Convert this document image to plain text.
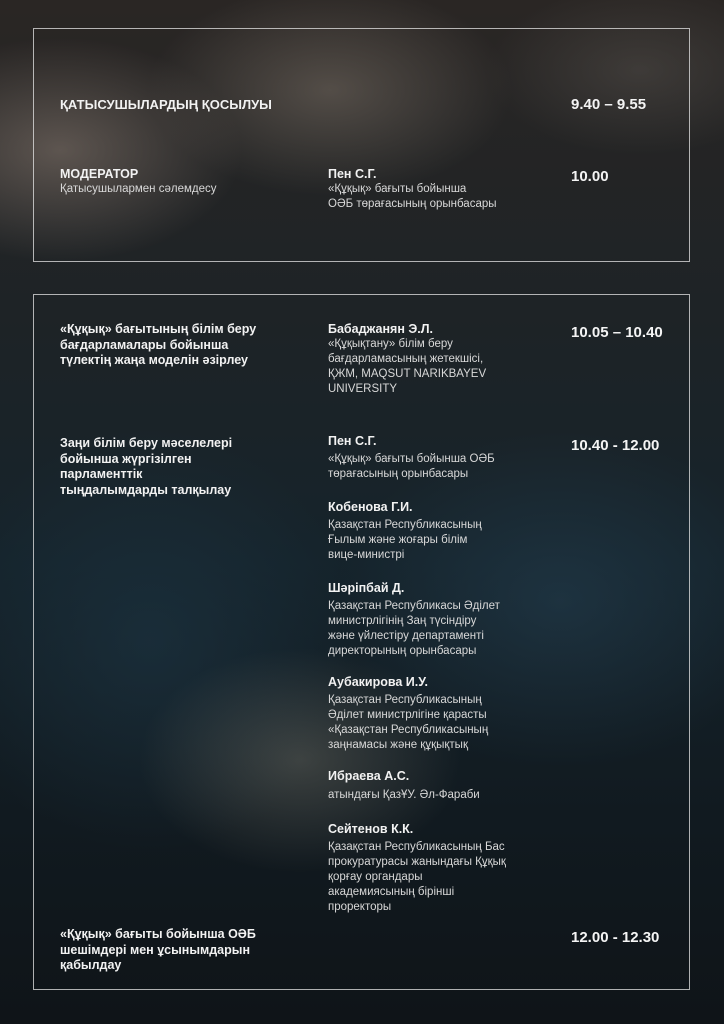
ҚАТЫСУШЫЛАРДЫҢ ҚОСЫЛУЫ	9.40 – 9.55
МОДЕРАТОР
Қатысушылармен сәлемдесу
Пен С.Г.
«Құқық» бағыты бойынша
ОӘБ төрағасының орынбасары
10.00
«Құқық» бағытының білім беру
бағдарламалары бойынша
түлектің жаңа моделін әзірлеу
Бабаджанян Э.Л.
«Құқықтану» білім беру
бағдарламасының жетекшісі,
ҚЖМ, MAQSUT NARIKBAYEV
UNIVERSITY
10.05 – 10.40
Заңи білім беру мәселелері
бойынша жүргізілген
парламенттік
тыңдалымдарды талқылау
10.40 - 12.00
Пен С.Г.
«Құқық» бағыты бойынша ОӘБ
төрағасының орынбасары
Кобенова Г.И.
Қазақстан Республикасының
Ғылым және жоғары білім
вице-министрі
Шәріпбай Д.
Қазақстан Республикасы Әділет
министрлігінің Заң түсіндіру
және үйлестіру департаменті
директорының орынбасары
Аубакирова И.У.
Қазақстан Республикасының
Әділет министрлігіне қарасты
«Қазақстан Республикасының
заңнамасы және құқықтық
Ибраева А.С.
атындағы ҚазҰУ. Әл-Фараби
Сейтенов К.К.
Қазақстан Республикасының Бас
прокуратурасы жанындағы Құқық
қорғау органдары
академиясының бірінші
проректоры
«Құқық» бағыты бойынша ОӘБ
шешімдері мен ұсынымдарын
қабылдау
12.00 - 12.30
